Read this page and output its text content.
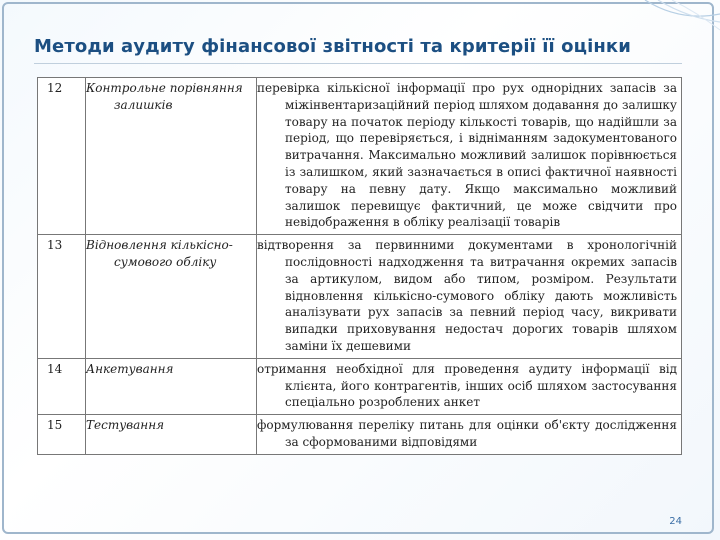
Методи аудиту фінансової звітності та критерії її оцінки
12	Контрольне порівняння залишків	перевірка кількісної інформації про рух однорідних запасів за міжінвентаризаційний період шляхом додавання до залишку товару на початок періоду кількості товарів, що надійшли за період, що перевіряється, і відніманням задокументованого витрачання. Максимально можливий залишок порівнюється із залишком, який зазначається в описі фактичної наявності товару на певну дату. Якщо максимально можливий залишок перевищує фактичний, це може свідчити про невідображення в обліку реалізації товарів
13	Відновлення кількісно-сумового обліку	відтворення за первинними документами в хронологічній послідовності надходження та витрачання окремих запасів за артикулом, видом або типом, розміром. Результати відновлення кількісно-сумового обліку дають можливість аналізувати рух запасів за певний період часу, викривати випадки приховування недостач дорогих товарів шляхом заміни їх дешевими
14	Анкетування	отримання необхідної для проведення аудиту інформації від клієнта, його контрагентів, інших осіб шляхом застосування спеціально розроблених анкет
15	Тестування	формулювання переліку питань для оцінки об'єкту дослідження за сформованими відповідями
24
